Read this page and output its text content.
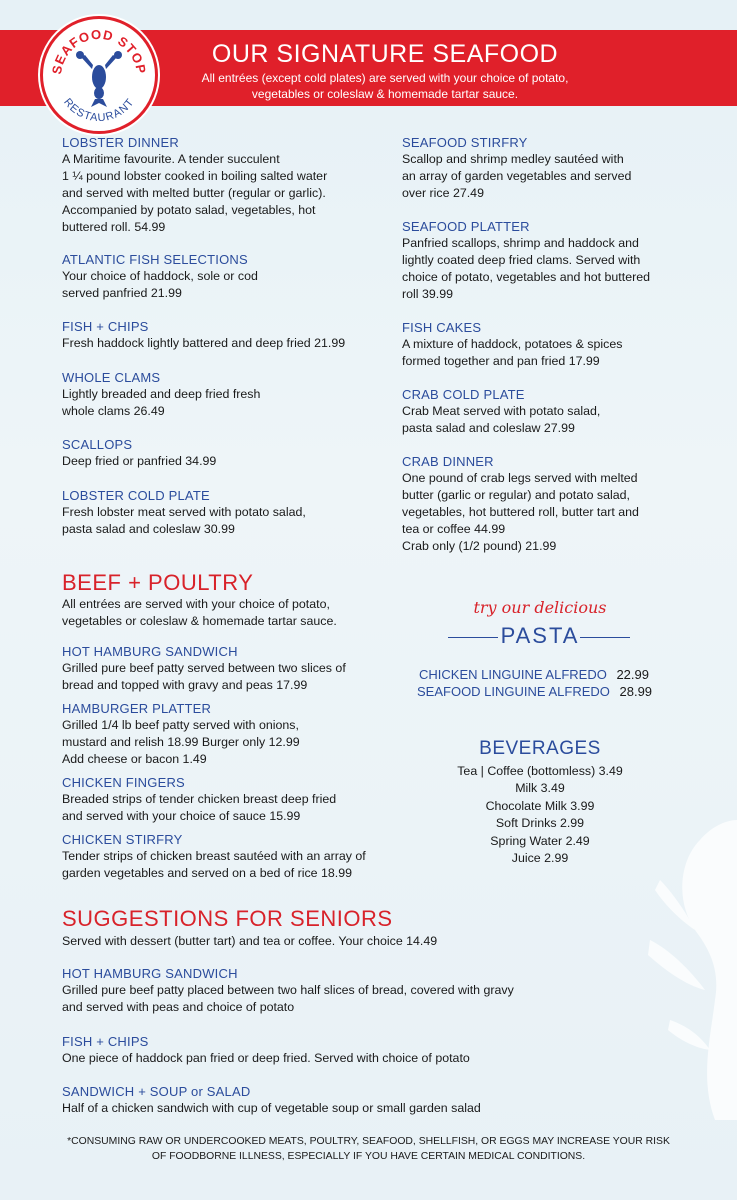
SEAFOOD STOP
RESTAURANT
OUR SIGNATURE SEAFOOD
All entrées (except cold plates) are served with your choice of potato,
vegetables or coleslaw & homemade tartar sauce.
LOBSTER DINNER
A Maritime favourite. A tender succulent
1 ¼ pound lobster cooked in boiling salted water
and served with melted butter (regular or garlic).
Accompanied by potato salad, vegetables, hot
buttered roll. 54.99
ATLANTIC FISH SELECTIONS
Your choice of haddock, sole or cod
served panfried 21.99
FISH + CHIPS
Fresh haddock lightly battered and deep fried 21.99
WHOLE CLAMS
Lightly breaded and deep fried fresh
whole clams 26.49
SCALLOPS
Deep fried or panfried 34.99
LOBSTER COLD PLATE
Fresh lobster meat served with potato salad,
pasta salad and coleslaw 30.99
SEAFOOD STIRFRY
Scallop and shrimp medley sautéed with
an array of garden vegetables and served
over rice 27.49
SEAFOOD PLATTER
Panfried scallops, shrimp and haddock and
lightly coated deep fried clams. Served with
choice of potato, vegetables and hot buttered
roll 39.99
FISH CAKES
A mixture of haddock, potatoes & spices
formed together and pan fried 17.99
CRAB COLD PLATE
Crab Meat served with potato salad,
pasta salad and coleslaw 27.99
CRAB DINNER
One pound of crab legs served with melted
butter (garlic or regular) and potato salad,
vegetables, hot buttered roll, butter tart and
tea or coffee 44.99
Crab only (1/2 pound) 21.99
BEEF + POULTRY
All entrées are served with your choice of potato,
vegetables or coleslaw & homemade tartar sauce.
HOT HAMBURG SANDWICH
Grilled pure beef patty served between two slices of
bread and topped with gravy and peas 17.99
HAMBURGER PLATTER
Grilled 1/4 lb beef patty served with onions,
mustard and relish 18.99 Burger only 12.99
Add cheese or bacon 1.49
CHICKEN FINGERS
Breaded strips of tender chicken breast deep fried
and served with your choice of sauce 15.99
CHICKEN STIRFRY
Tender strips of chicken breast sautéed with an array of
garden vegetables and served on a bed of rice 18.99
try our delicious
PASTA
CHICKEN LINGUINE ALFREDO 22.99
SEAFOOD LINGUINE ALFREDO 28.99
BEVERAGES
Tea | Coffee (bottomless) 3.49
Milk 3.49
Chocolate Milk 3.99
Soft Drinks 2.99
Spring Water 2.49
Juice 2.99
SUGGESTIONS FOR SENIORS
Served with dessert (butter tart) and tea or coffee. Your choice 14.49
HOT HAMBURG SANDWICH
Grilled pure beef patty placed between two half slices of bread, covered with gravy
and served with peas and choice of potato
FISH + CHIPS
One piece of haddock pan fried or deep fried. Served with choice of potato
SANDWICH + SOUP or SALAD
Half of a chicken sandwich with cup of vegetable soup or small garden salad
*CONSUMING RAW OR UNDERCOOKED MEATS, POULTRY, SEAFOOD, SHELLFISH, OR EGGS MAY INCREASE YOUR RISK
OF FOODBORNE ILLNESS, ESPECIALLY IF YOU HAVE CERTAIN MEDICAL CONDITIONS.
